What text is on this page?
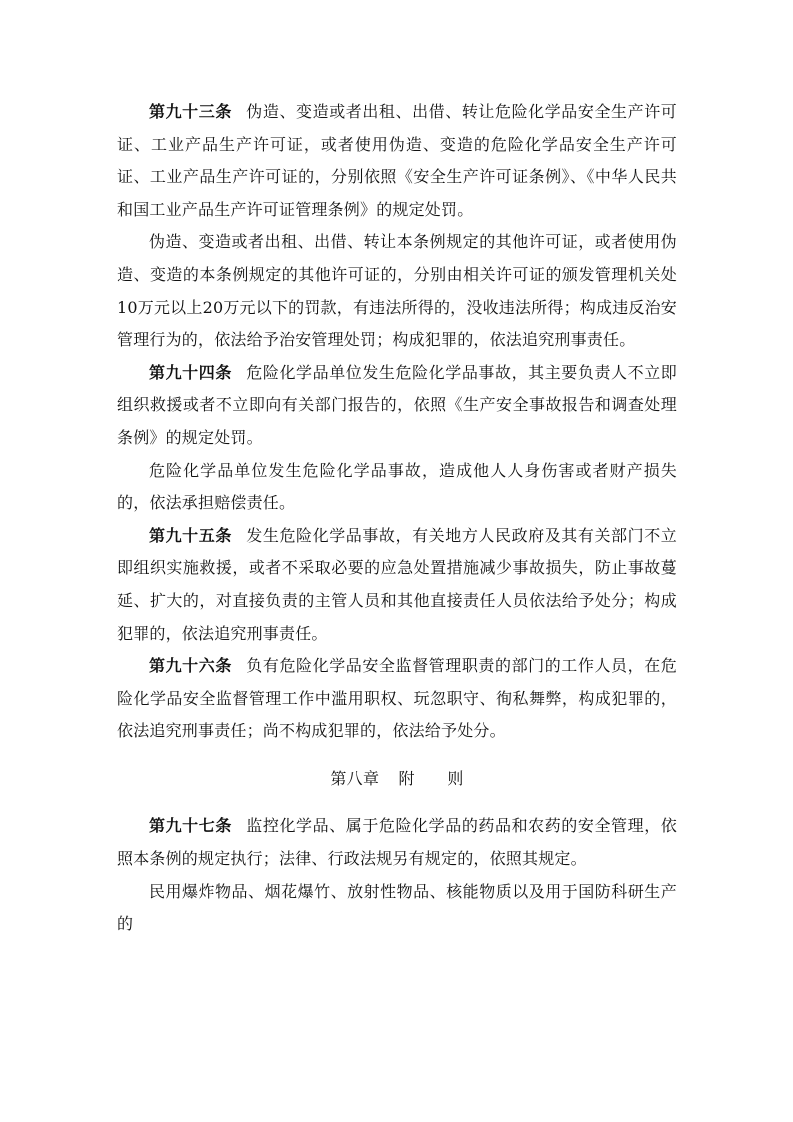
第九十三条 伪造、变造或者出租、出借、转让危险化学品安全生产许可证、工业产品生产许可证，或者使用伪造、变造的危险化学品安全生产许可证、工业产品生产许可证的，分别依照《安全生产许可证条例》、《中华人民共和国工业产品生产许可证管理条例》的规定处罚。

伪造、变造或者出租、出借、转让本条例规定的其他许可证，或者使用伪造、变造的本条例规定的其他许可证的，分别由相关许可证的颁发管理机关处10万元以上20万元以下的罚款，有违法所得的，没收违法所得；构成违反治安管理行为的，依法给予治安管理处罚；构成犯罪的，依法追究刑事责任。

第九十四条 危险化学品单位发生危险化学品事故，其主要负责人不立即组织救援或者不立即向有关部门报告的，依照《生产安全事故报告和调查处理条例》的规定处罚。

危险化学品单位发生危险化学品事故，造成他人人身伤害或者财产损失的，依法承担赔偿责任。

第九十五条 发生危险化学品事故，有关地方人民政府及其有关部门不立即组织实施救援，或者不采取必要的应急处置措施减少事故损失，防止事故蔓延、扩大的，对直接负责的主管人员和其他直接责任人员依法给予处分；构成犯罪的，依法追究刑事责任。

第九十六条 负有危险化学品安全监督管理职责的部门的工作人员，在危险化学品安全监督管理工作中滥用职权、玩忽职守、徇私舞弊，构成犯罪的，依法追究刑事责任；尚不构成犯罪的，依法给予处分。

第八章 附　　则

第九十七条 监控化学品、属于危险化学品的药品和农药的安全管理，依照本条例的规定执行；法律、行政法规另有规定的，依照其规定。

民用爆炸物品、烟花爆竹、放射性物品、核能物质以及用于国防科研生产的
